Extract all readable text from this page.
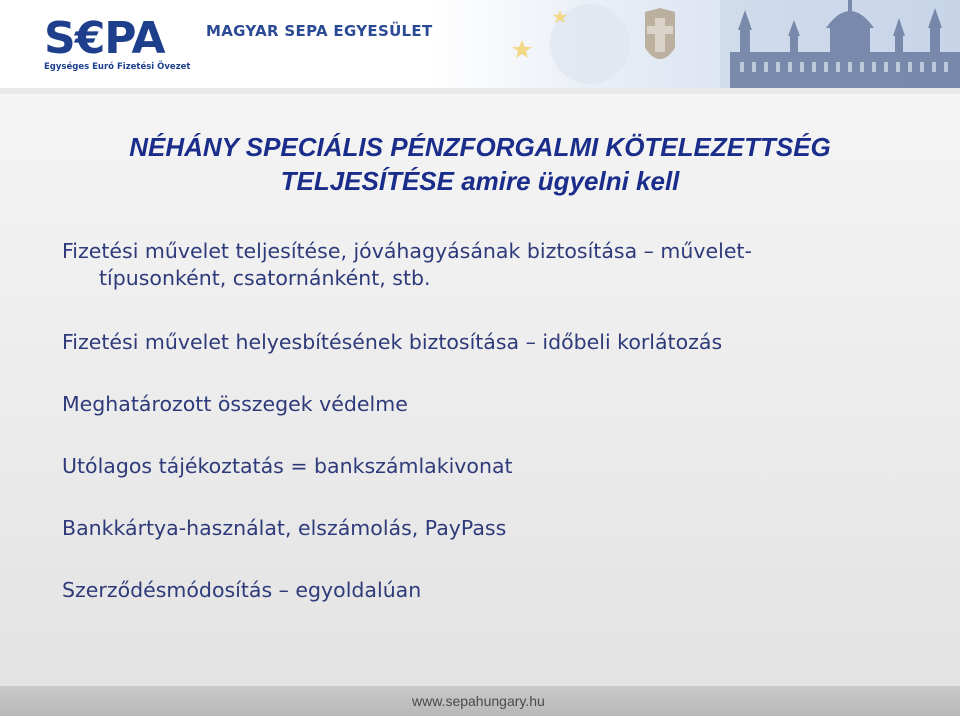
S€PA
Egységes Euró Fizetési Övezet
MAGYAR SEPA EGYESÜLET
NÉHÁNY SPECIÁLIS PÉNZFORGALMI KÖTELEZETTSÉG
TELJESÍTÉSE amire ügyelni kell
Fizetési művelet teljesítése, jóváhagyásának biztosítása – művelet-
típusonként, csatornánként, stb.
Fizetési művelet helyesbítésének biztosítása – időbeli korlátozás
Meghatározott összegek védelme
Utólagos tájékoztatás = bankszámlakivonat
Bankkártya-használat, elszámolás, PayPass
Szerződésmódosítás – egyoldalúan
www.sepahungary.hu
